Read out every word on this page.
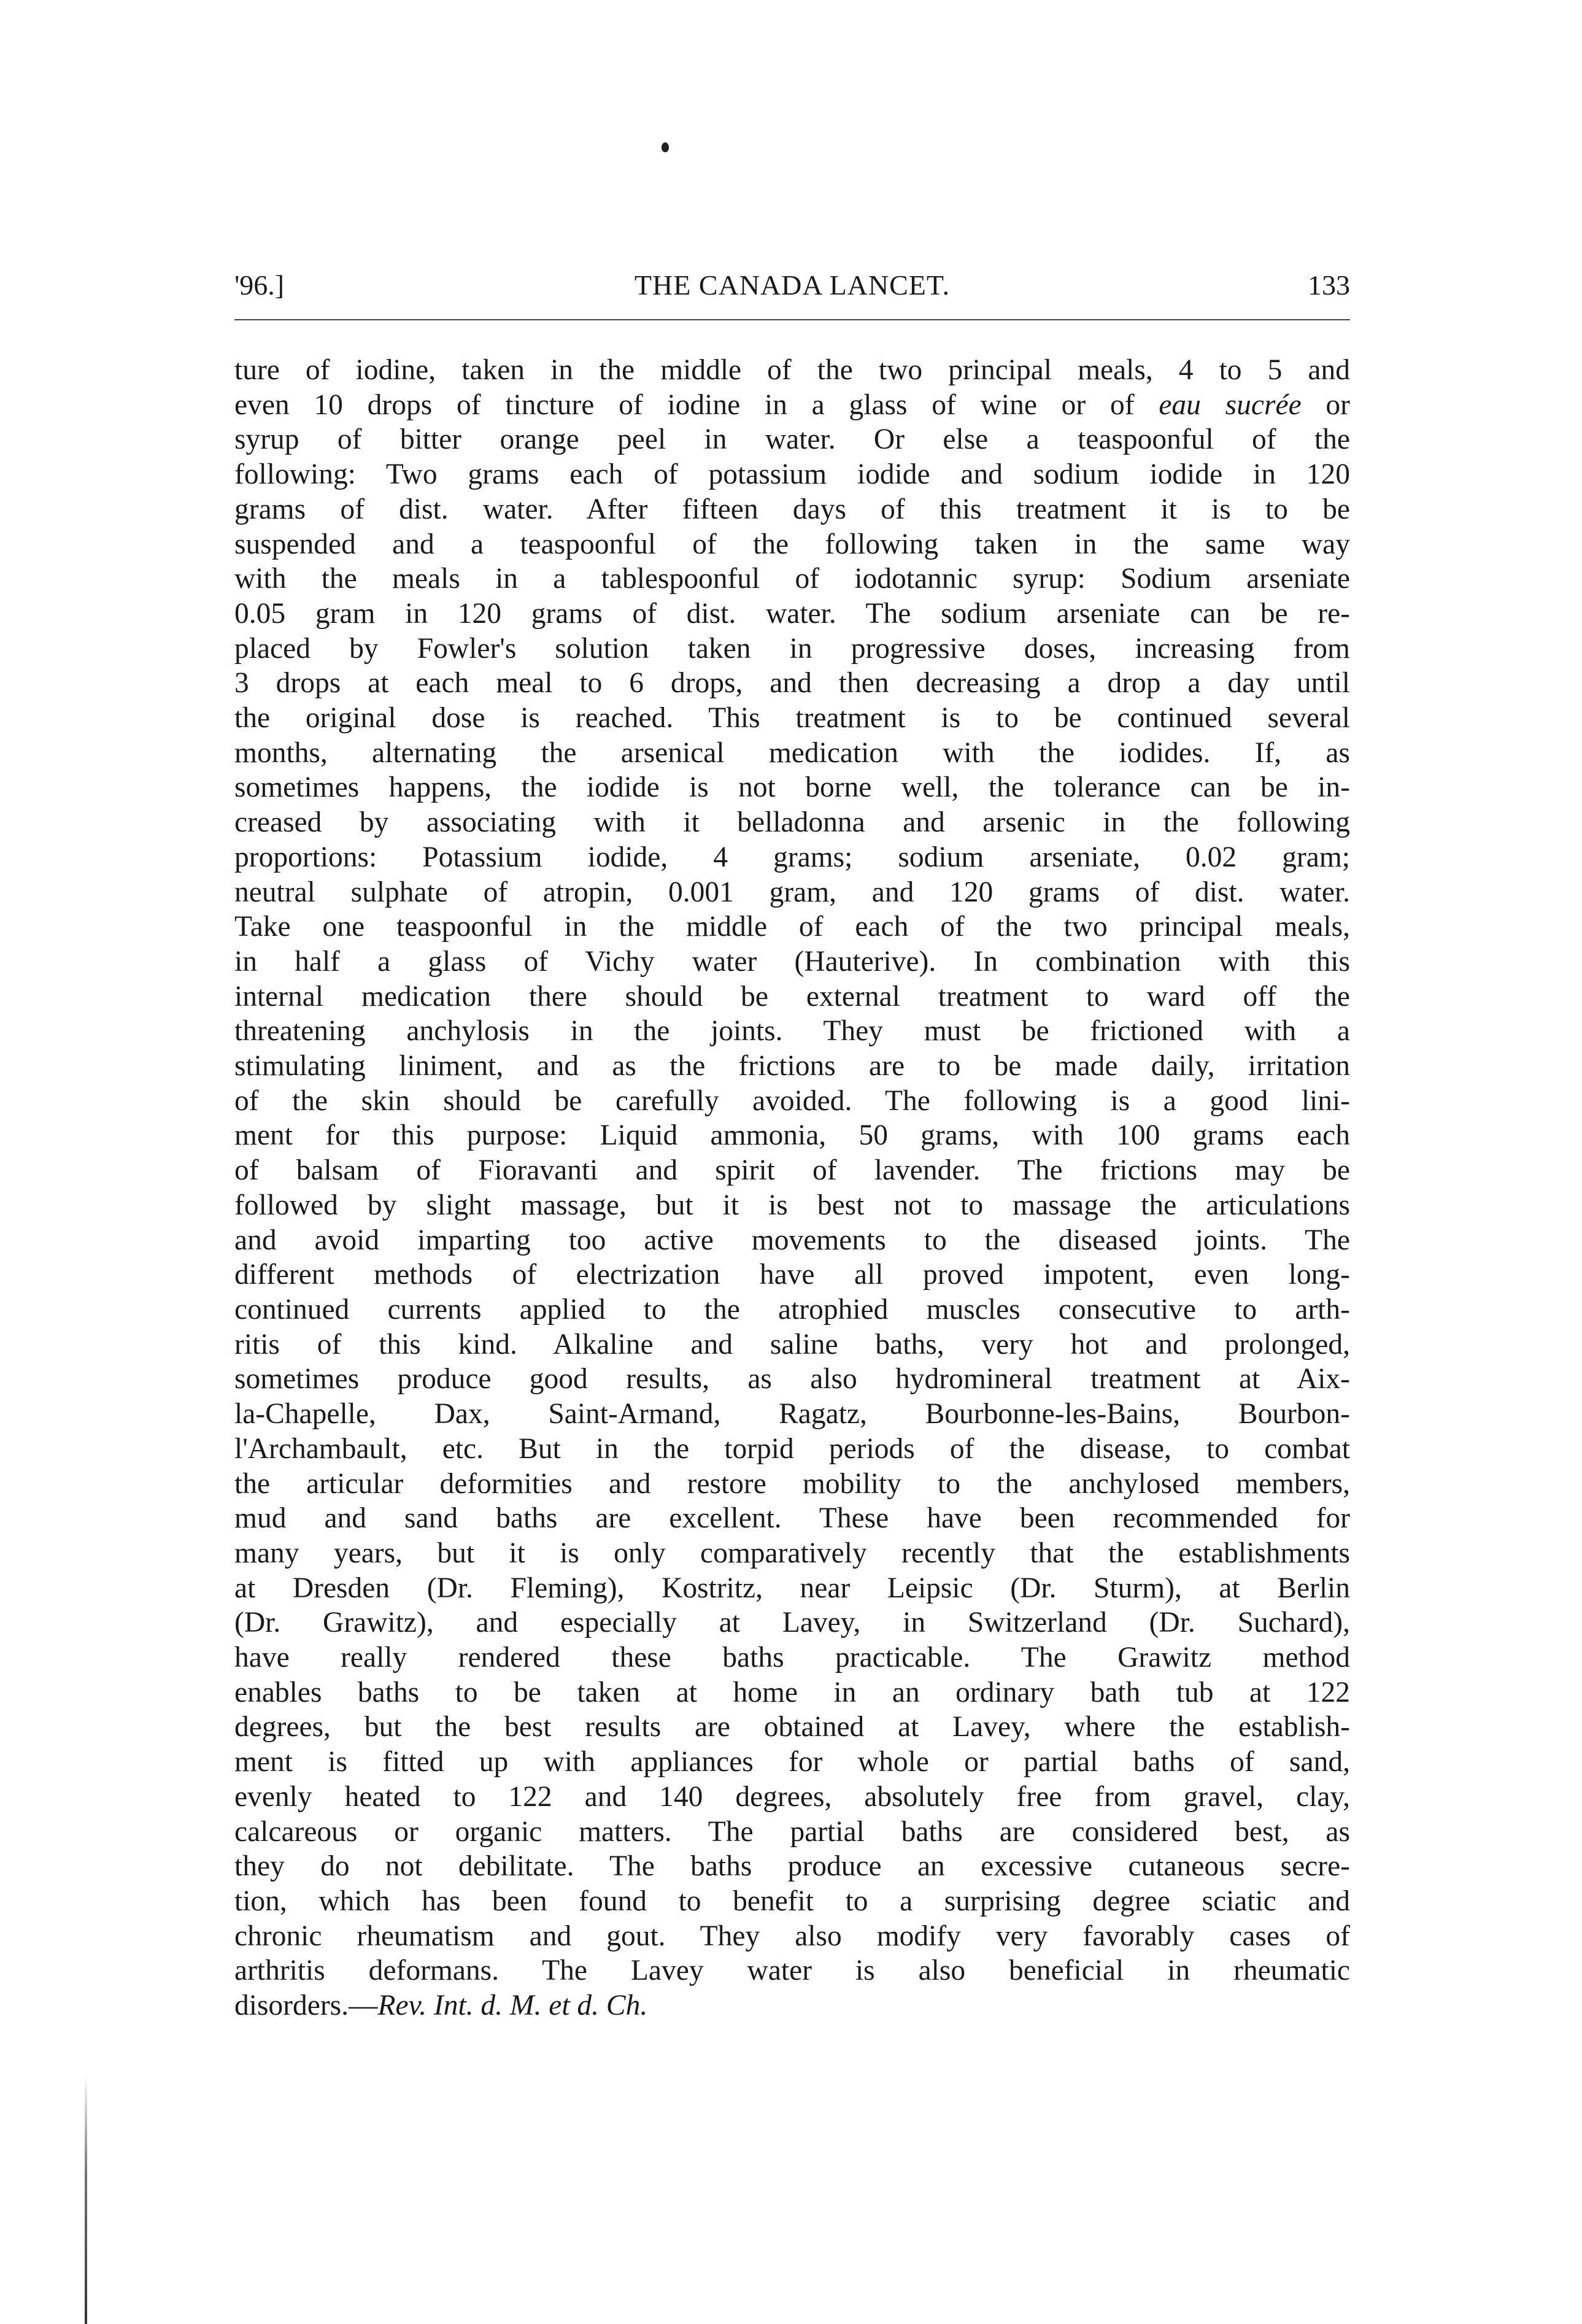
'96.]	THE CANADA LANCET.	133
ture of iodine, taken in the middle of the two principal meals, 4 to 5 and
even 10 drops of tincture of iodine in a glass of wine or of eau sucrée or
syrup of bitter orange peel in water. Or else a teaspoonful of the
following: Two grams each of potassium iodide and sodium iodide in 120
grams of dist. water. After fifteen days of this treatment it is to be
suspended and a teaspoonful of the following taken in the same way
with the meals in a tablespoonful of iodotannic syrup: Sodium arseniate
0.05 gram in 120 grams of dist. water. The sodium arseniate can be re-
placed by Fowler's solution taken in progressive doses, increasing from
3 drops at each meal to 6 drops, and then decreasing a drop a day until
the original dose is reached. This treatment is to be continued several
months, alternating the arsenical medication with the iodides. If, as
sometimes happens, the iodide is not borne well, the tolerance can be in-
creased by associating with it belladonna and arsenic in the following
proportions: Potassium iodide, 4 grams; sodium arseniate, 0.02 gram;
neutral sulphate of atropin, 0.001 gram, and 120 grams of dist. water.
Take one teaspoonful in the middle of each of the two principal meals,
in half a glass of Vichy water (Hauterive). In combination with this
internal medication there should be external treatment to ward off the
threatening anchylosis in the joints. They must be frictioned with a
stimulating liniment, and as the frictions are to be made daily, irritation
of the skin should be carefully avoided. The following is a good lini-
ment for this purpose: Liquid ammonia, 50 grams, with 100 grams each
of balsam of Fioravanti and spirit of lavender. The frictions may be
followed by slight massage, but it is best not to massage the articulations
and avoid imparting too active movements to the diseased joints. The
different methods of electrization have all proved impotent, even long-
continued currents applied to the atrophied muscles consecutive to arth-
ritis of this kind. Alkaline and saline baths, very hot and prolonged,
sometimes produce good results, as also hydromineral treatment at Aix-
la-Chapelle, Dax, Saint-Armand, Ragatz, Bourbonne-les-Bains, Bourbon-
l'Archambault, etc. But in the torpid periods of the disease, to combat
the articular deformities and restore mobility to the anchylosed members,
mud and sand baths are excellent. These have been recommended for
many years, but it is only comparatively recently that the establishments
at Dresden (Dr. Fleming), Kostritz, near Leipsic (Dr. Sturm), at Berlin
(Dr. Grawitz), and especially at Lavey, in Switzerland (Dr. Suchard),
have really rendered these baths practicable. The Grawitz method
enables baths to be taken at home in an ordinary bath tub at 122
degrees, but the best results are obtained at Lavey, where the establish-
ment is fitted up with appliances for whole or partial baths of sand,
evenly heated to 122 and 140 degrees, absolutely free from gravel, clay,
calcareous or organic matters. The partial baths are considered best, as
they do not debilitate. The baths produce an excessive cutaneous secre-
tion, which has been found to benefit to a surprising degree sciatic and
chronic rheumatism and gout. They also modify very favorably cases of
arthritis deformans. The Lavey water is also beneficial in rheumatic
disorders.—Rev. Int. d. M. et d. Ch.
